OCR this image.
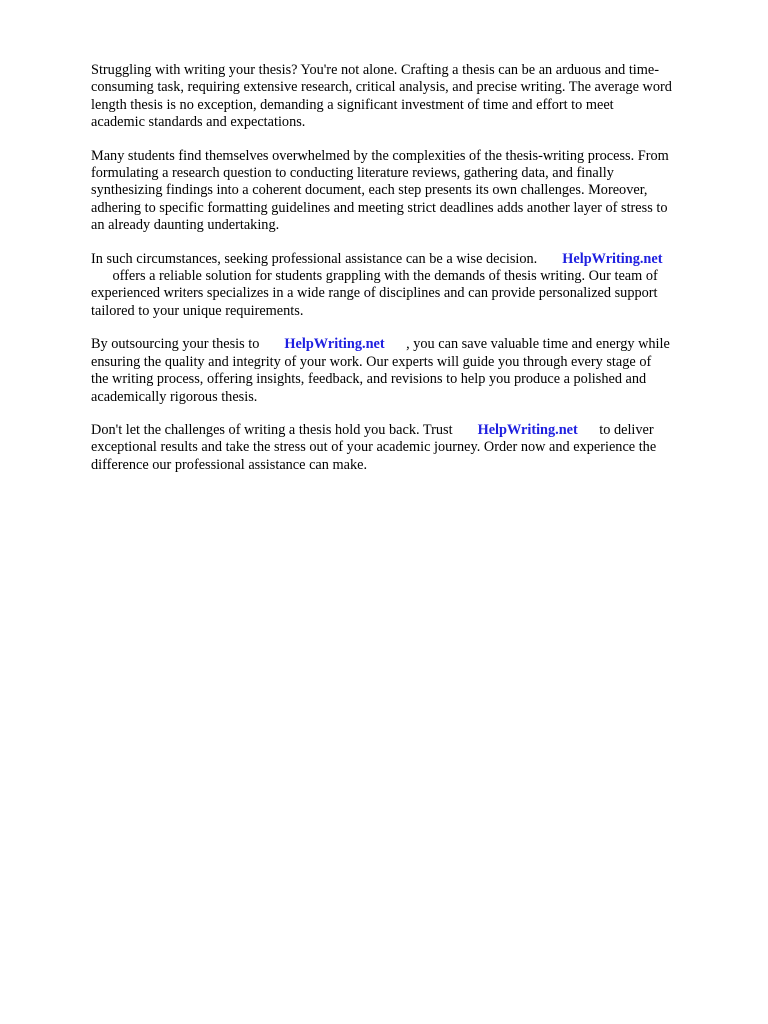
Struggling with writing your thesis? You're not alone. Crafting a thesis can be an arduous and time-
consuming task, requiring extensive research, critical analysis, and precise writing. The average word
length thesis is no exception, demanding a significant investment of time and effort to meet
academic standards and expectations.

Many students find themselves overwhelmed by the complexities of the thesis-writing process. From
formulating a research question to conducting literature reviews, gathering data, and finally
synthesizing findings into a coherent document, each step presents its own challenges. Moreover,
adhering to specific formatting guidelines and meeting strict deadlines adds another layer of stress to
an already daunting undertaking.

In such circumstances, seeking professional assistance can be a wise decision. HelpWriting.net
offers a reliable solution for students grappling with the demands of thesis writing. Our team of
experienced writers specializes in a wide range of disciplines and can provide personalized support
tailored to your unique requirements.

By outsourcing your thesis to HelpWriting.net , you can save valuable time and energy while
ensuring the quality and integrity of your work. Our experts will guide you through every stage of
the writing process, offering insights, feedback, and revisions to help you produce a polished and
academically rigorous thesis.

Don't let the challenges of writing a thesis hold you back. Trust HelpWriting.net to deliver
exceptional results and take the stress out of your academic journey. Order now and experience the
difference our professional assistance can make.
